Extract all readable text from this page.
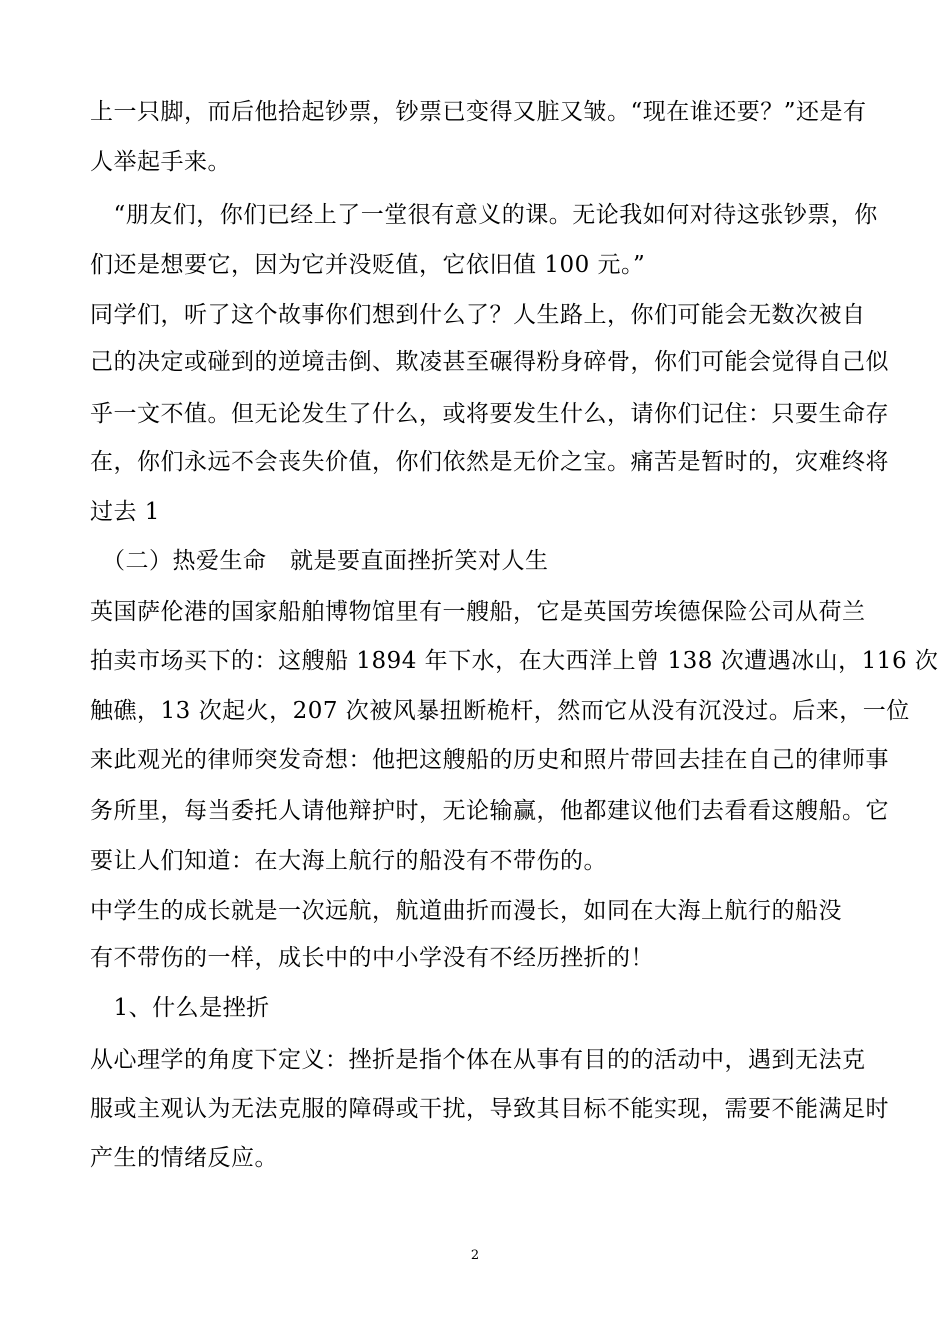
上一只脚，而后他拾起钞票，钞票已变得又脏又皱。“现在谁还要？”还是有

人举起手来。

　“朋友们，你们已经上了一堂很有意义的课。无论我如何对待这张钞票，你

们还是想要它，因为它并没贬值，它依旧值 100 元。”

同学们，听了这个故事你们想到什么了？人生路上，你们可能会无数次被自

己的决定或碰到的逆境击倒、欺凌甚至碾得粉身碎骨，你们可能会觉得自己似

乎一文不值。但无论发生了什么，或将要发生什么，请你们记住：只要生命存

在，你们永远不会丧失价值，你们依然是无价之宝。痛苦是暂时的，灾难终将

过去 1

　（二）热爱生命　就是要直面挫折笑对人生

英国萨伦港的国家船舶博物馆里有一艘船，它是英国劳埃德保险公司从荷兰

拍卖市场买下的：这艘船 1894 年下水，在大西洋上曾 138 次遭遇冰山，116 次

触礁，13 次起火，207 次被风暴扭断桅杆，然而它从没有沉没过。后来，一位

来此观光的律师突发奇想：他把这艘船的历史和照片带回去挂在自己的律师事

务所里，每当委托人请他辩护时，无论输赢，他都建议他们去看看这艘船。它

要让人们知道：在大海上航行的船没有不带伤的。

中学生的成长就是一次远航，航道曲折而漫长，如同在大海上航行的船没

有不带伤的一样，成长中的中小学没有不经历挫折的！

　1、什么是挫折

从心理学的角度下定义：挫折是指个体在从事有目的的活动中，遇到无法克

服或主观认为无法克服的障碍或干扰，导致其目标不能实现，需要不能满足时

产生的情绪反应。

2
